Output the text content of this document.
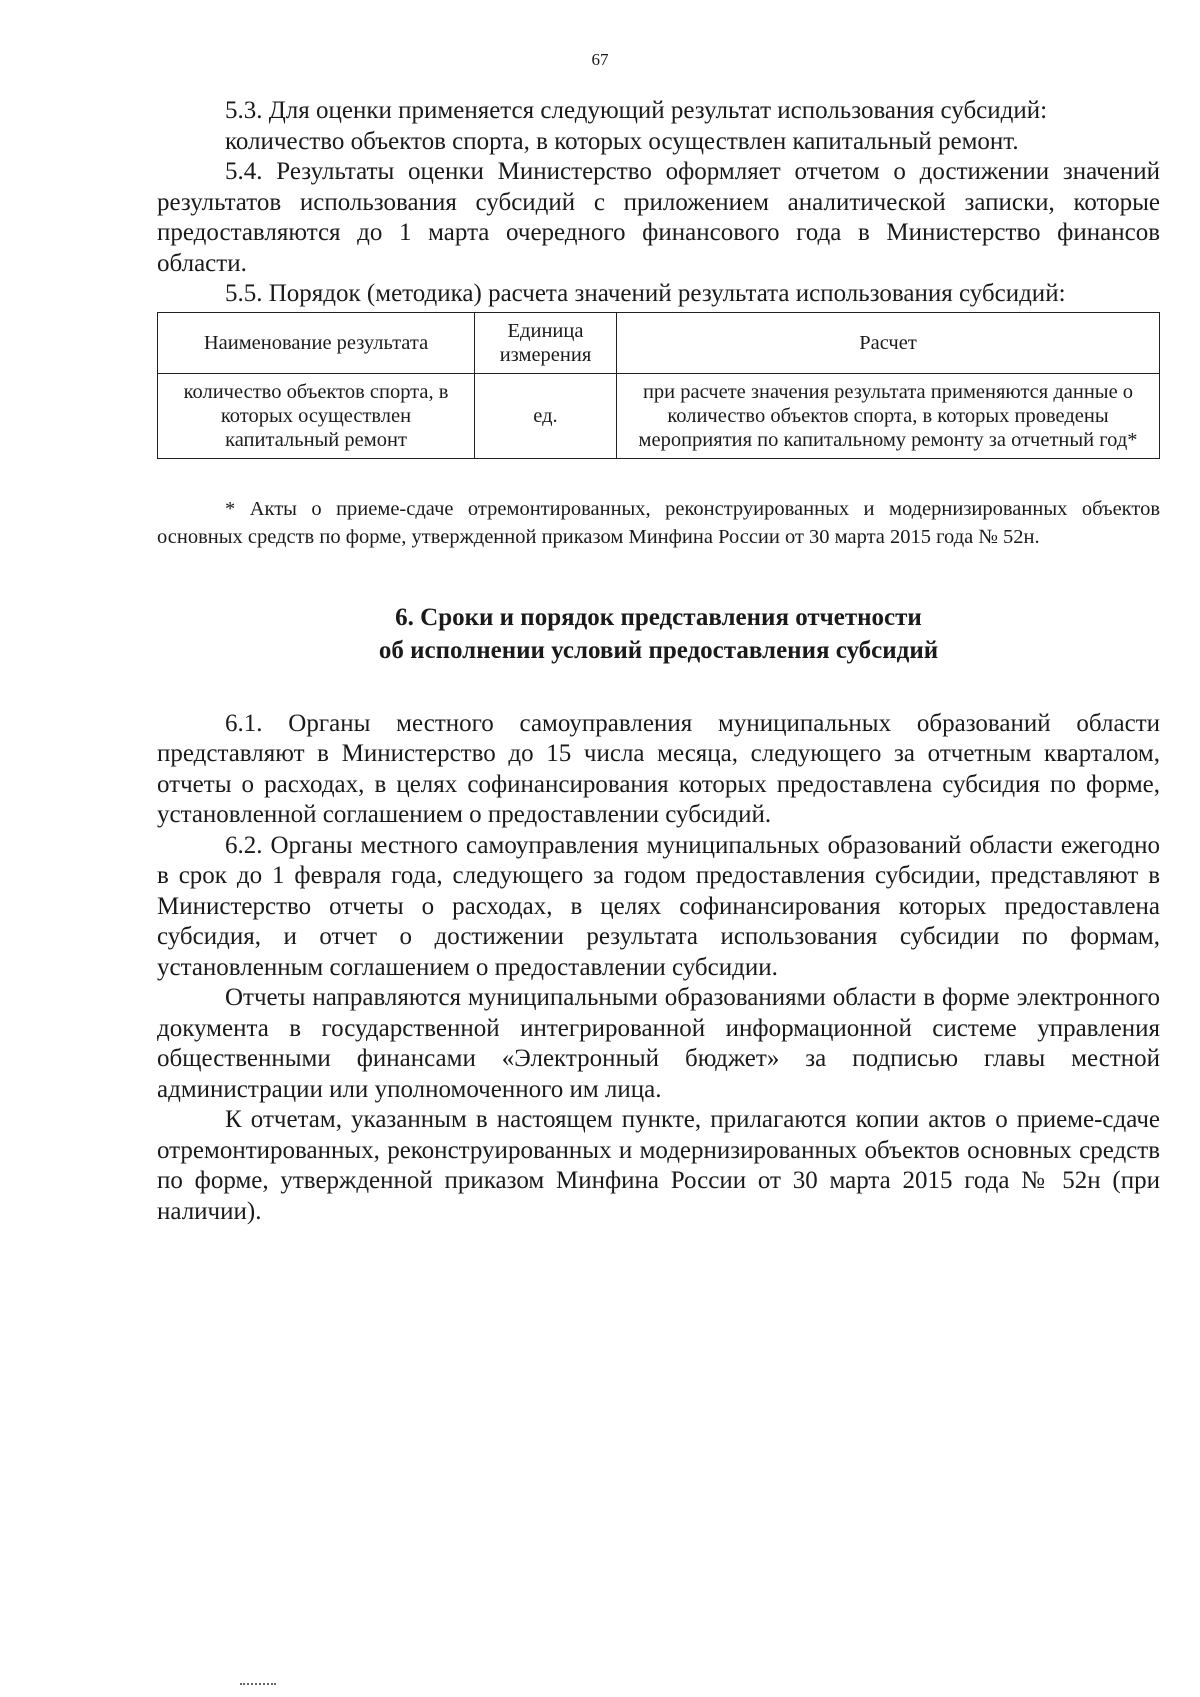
67

5.3. Для оценки применяется следующий результат использования субсидий:

количество объектов спорта, в которых осуществлен капитальный ремонт.

5.4. Результаты оценки Министерство оформляет отчетом о достижении значений результатов использования субсидий с приложением аналитической записки, которые предоставляются до 1 марта очередного финансового года в Министерство финансов области.

5.5. Порядок (методика) расчета значений результата использования субсидий:

Наименование результата	Единица измерения	Расчет
количество объектов спорта, в которых осуществлен капитальный ремонт	ед.	при расчете значения результата применяются данные о количество объектов спорта, в которых проведены мероприятия по капитальному ремонту за отчетный год*

* Акты о приеме-сдаче отремонтированных, реконструированных и модернизированных объектов основных средств по форме, утвержденной приказом Минфина России от 30 марта 2015 года № 52н.

6. Сроки и порядок представления отчетности
об исполнении условий предоставления субсидий

6.1. Органы местного самоуправления муниципальных образований области представляют в Министерство до 15 числа месяца, следующего за отчетным кварталом, отчеты о расходах, в целях софинансирования которых предоставлена субсидия по форме, установленной соглашением о предоставлении субсидий.

6.2. Органы местного самоуправления муниципальных образований области ежегодно в срок до 1 февраля года, следующего за годом предоставления субсидии, представляют в Министерство отчеты о расходах, в целях софинансирования которых предоставлена субсидия, и отчет о достижении результата использования субсидии по формам, установленным соглашением о предоставлении субсидии.

Отчеты направляются муниципальными образованиями области в форме электронного документа в государственной интегрированной информационной системе управления общественными финансами «Электронный бюджет» за подписью главы местной администрации или уполномоченного им лица.

К отчетам, указанным в настоящем пункте, прилагаются копии актов о приеме-сдаче отремонтированных, реконструированных и модернизированных объектов основных средств по форме, утвержденной приказом Минфина России от 30 марта 2015 года № 52н (при наличии).
